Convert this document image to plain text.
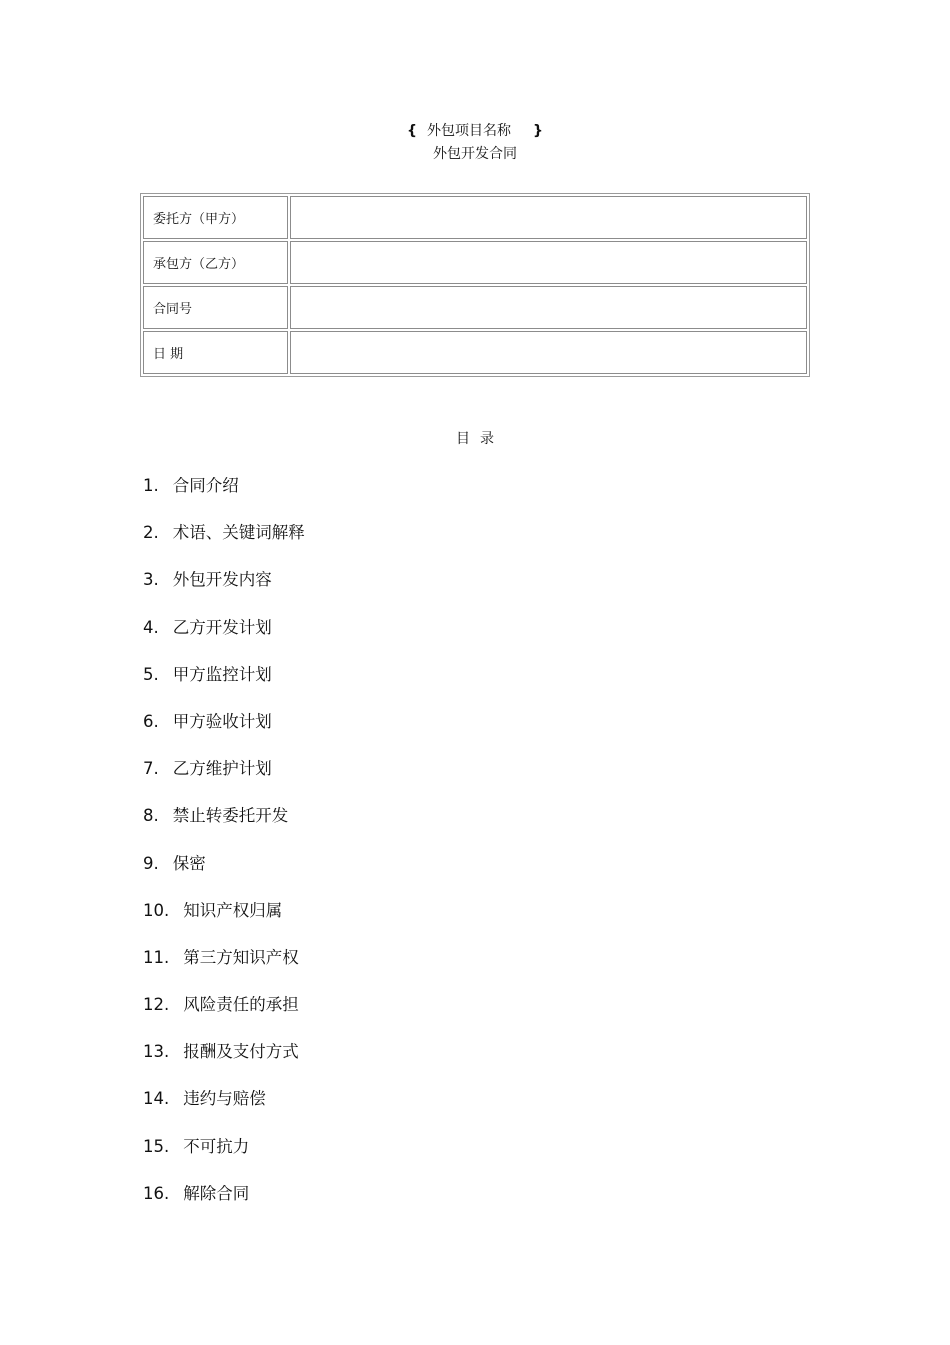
{ 外包项目名称 }
外包开发合同
委托方（甲方）	
承包方（乙方）	
合同号	
日 期	
目录
1. 合同介绍
2. 术语、关键词解释
3. 外包开发内容
4. 乙方开发计划
5. 甲方监控计划
6. 甲方验收计划
7. 乙方维护计划
8. 禁止转委托开发
9. 保密
10. 知识产权归属
11. 第三方知识产权
12. 风险责任的承担
13. 报酬及支付方式
14. 违约与赔偿
15. 不可抗力
16. 解除合同
